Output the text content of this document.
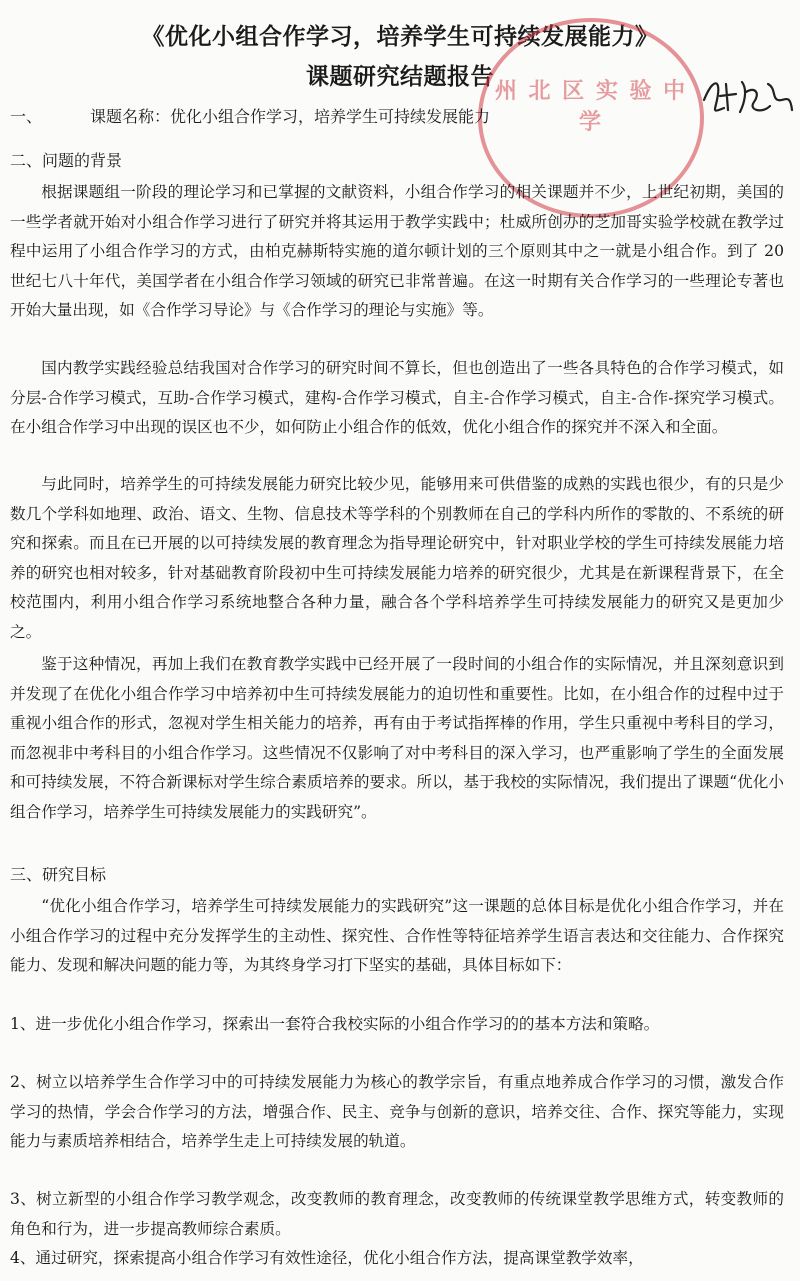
《优化小组合作学习，培养学生可持续发展能力》
课题研究结题报告
州 北 区 实 验 中 学
一、	课题名称：优化小组合作学习，培养学生可持续发展能力
二、问题的背景

根据课题组一阶段的理论学习和已掌握的文献资料，小组合作学习的相关课题并不少，上世纪初期，美国的一些学者就开始对小组合作学习进行了研究并将其运用于教学实践中；杜威所创办的芝加哥实验学校就在教学过程中运用了小组合作学习的方式，由柏克赫斯特实施的道尔顿计划的三个原则其中之一就是小组合作。到了 20 世纪七八十年代，美国学者在小组合作学习领域的研究已非常普遍。在这一时期有关合作学习的一些理论专著也开始大量出现，如《合作学习导论》与《合作学习的理论与实施》等。

国内教学实践经验总结我国对合作学习的研究时间不算长，但也创造出了一些各具特色的合作学习模式，如分层-合作学习模式，互助-合作学习模式，建构-合作学习模式，自主-合作学习模式，自主-合作-探究学习模式。在小组合作学习中出现的误区也不少，如何防止小组合作的低效，优化小组合作的探究并不深入和全面。

与此同时，培养学生的可持续发展能力研究比较少见，能够用来可供借鉴的成熟的实践也很少，有的只是少数几个学科如地理、政治、语文、生物、信息技术等学科的个别教师在自己的学科内所作的零散的、不系统的研究和探索。而且在已开展的以可持续发展的教育理念为指导理论研究中，针对职业学校的学生可持续发展能力培养的研究也相对较多，针对基础教育阶段初中生可持续发展能力培养的研究很少，尤其是在新课程背景下，在全校范围内，利用小组合作学习系统地整合各种力量，融合各个学科培养学生可持续发展能力的研究又是更加少之。

鉴于这种情况，再加上我们在教育教学实践中已经开展了一段时间的小组合作的实际情况，并且深刻意识到并发现了在优化小组合作学习中培养初中生可持续发展能力的迫切性和重要性。比如，在小组合作的过程中过于重视小组合作的形式，忽视对学生相关能力的培养，再有由于考试指挥棒的作用，学生只重视中考科目的学习，而忽视非中考科目的小组合作学习。这些情况不仅影响了对中考科目的深入学习，也严重影响了学生的全面发展和可持续发展，不符合新课标对学生综合素质培养的要求。所以，基于我校的实际情况，我们提出了课题“优化小组合作学习，培养学生可持续发展能力的实践研究”。

三、研究目标

“优化小组合作学习，培养学生可持续发展能力的实践研究”这一课题的总体目标是优化小组合作学习，并在小组合作学习的过程中充分发挥学生的主动性、探究性、合作性等特征培养学生语言表达和交往能力、合作探究能力、发现和解决问题的能力等，为其终身学习打下坚实的基础，具体目标如下：

1、进一步优化小组合作学习，探索出一套符合我校实际的小组合作学习的的基本方法和策略。

2、树立以培养学生合作学习中的可持续发展能力为核心的教学宗旨，有重点地养成合作学习的习惯，激发合作学习的热情，学会合作学习的方法，增强合作、民主、竞争与创新的意识，培养交往、合作、探究等能力，实现能力与素质培养相结合，培养学生走上可持续发展的轨道。

3、树立新型的小组合作学习教学观念，改变教师的教育理念，改变教师的传统课堂教学思维方式，转变教师的角色和行为，进一步提高教师综合素质。

4、通过研究，探索提高小组合作学习有效性途径，优化小组合作方法，提高课堂教学效率，
